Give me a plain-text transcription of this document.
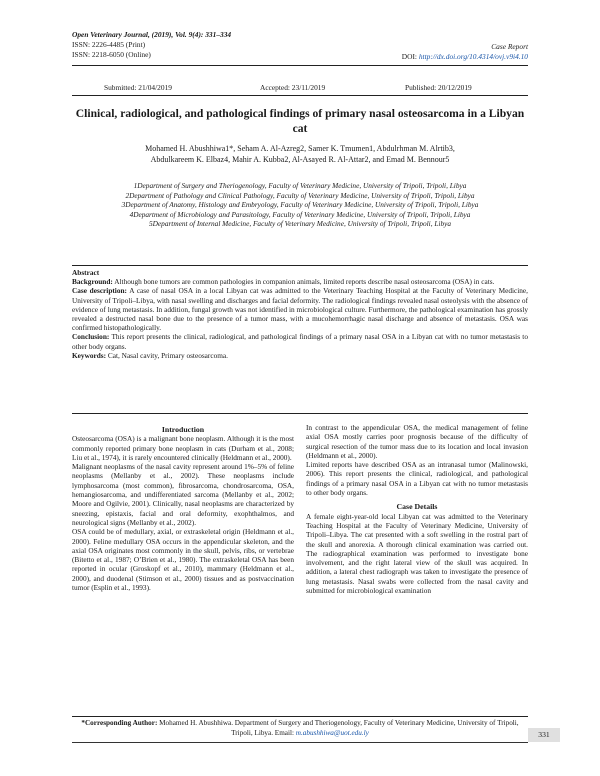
Open Veterinary Journal, (2019), Vol. 9(4): 331–334
ISSN: 2226-4485 (Print)
ISSN: 2218-6050 (Online)
Case Report
DOI: http://dx.doi.org/10.4314/ovj.v9i4.10
Submitted: 21/04/2019	Accepted: 23/11/2019	Published: 20/12/2019
Clinical, radiological, and pathological findings of primary nasal osteosarcoma in a Libyan cat
Mohamed H. Abushhiwa1*, Seham A. Al-Azreg2, Samer K. Tmumen1, Abdulrhman M. Alrtib3,
Abdulkareem K. Elbaz4, Mahir A. Kubba2, Al-Asayed R. Al-Attar2, and Emad M. Bennour5

1Department of Surgery and Theriogenology, Faculty of Veterinary Medicine, University of Tripoli, Tripoli, Libya

2Department of Pathology and Clinical Pathology, Faculty of Veterinary Medicine, University of Tripoli, Tripoli, Libya

3Department of Anatomy, Histology and Embryology, Faculty of Veterinary Medicine, University of Tripoli, Tripoli, Libya

4Department of Microbiology and Parasitology, Faculty of Veterinary Medicine, University of Tripoli, Tripoli, Libya

5Department of Internal Medicine, Faculty of Veterinary Medicine, University of Tripoli, Tripoli, Libya

Abstract

Background: Although bone tumors are common pathologies in companion animals, limited reports describe nasal osteosarcoma (OSA) in cats.

Case description: A case of nasal OSA in a local Libyan cat was admitted to the Veterinary Teaching Hospital at the Faculty of Veterinary Medicine, University of Tripoli–Libya, with nasal swelling and discharges and facial deformity. The radiological findings revealed nasal osteolysis with the absence of evidence of lung metastasis. In addition, fungal growth was not identified in microbiological culture. Furthermore, the pathological examination has grossly revealed a destructed nasal bone due to the presence of a tumor mass, with a mucohemorrhagic nasal discharge and absence of metastasis. OSA was confirmed histopathologically.

Conclusion: This report presents the clinical, radiological, and pathological findings of a primary nasal OSA in a Libyan cat with no tumor metastasis to other body organs.

Keywords: Cat, Nasal cavity, Primary osteosarcoma.

Introduction

Osteosarcoma (OSA) is a malignant bone neoplasm. Although it is the most commonly reported primary bone neoplasm in cats (Durham et al., 2008; Liu et al., 1974), it is rarely encountered clinically (Heldmann et al., 2000).

Malignant neoplasms of the nasal cavity represent around 1%–5% of feline neoplasms (Mellanby et al., 2002). These neoplasms include lymphosarcoma (most common), fibrosarcoma, chondrosarcoma, OSA, hemangiosarcoma, and undifferentiated sarcoma (Mellanby et al., 2002; Moore and Ogilvie, 2001). Clinically, nasal neoplasms are characterized by sneezing, epistaxis, facial and oral deformity, exophthalmos, and neurological signs (Mellanby et al., 2002).

OSA could be of medullary, axial, or extraskeletal origin (Heldmann et al., 2000). Feline medullary OSA occurs in the appendicular skeleton, and the axial OSA originates most commonly in the skull, pelvis, ribs, or vertebrae (Bitetto et al., 1987; O’Brien et al., 1980). The extraskeletal OSA has been reported in ocular (Groskopf et al., 2010), mammary (Heldmann et al., 2000), and duodenal (Stimson et al., 2000) tissues and as postvaccination tumor (Esplin et al., 1993).

In contrast to the appendicular OSA, the medical management of feline axial OSA mostly carries poor prognosis because of the difficulty of surgical resection of the tumor mass due to its location and local invasion (Heldmann et al., 2000).

Limited reports have described OSA as an intranasal tumor (Malinowski, 2006). This report presents the clinical, radiological, and pathological findings of a primary nasal OSA in a Libyan cat with no tumor metastasis to other body organs.

Case Details

A female eight-year-old local Libyan cat was admitted to the Veterinary Teaching Hospital at the Faculty of Veterinary Medicine, University of Tripoli–Libya. The cat presented with a soft swelling in the rostral part of the skull and anorexia. A thorough clinical examination was carried out. The radiographical examination was performed to investigate bone involvement, and the right lateral view of the skull was acquired. In addition, a lateral chest radiograph was taken to investigate the presence of lung metastasis. Nasal swabs were collected from the nasal cavity and submitted for microbiological examination

*Corresponding Author: Mohamed H. Abushhiwa. Department of Surgery and Theriogenology, Faculty of Veterinary Medicine, University of Tripoli, Tripoli, Libya. Email: m.abushhiwa@uot.edu.ly	331
